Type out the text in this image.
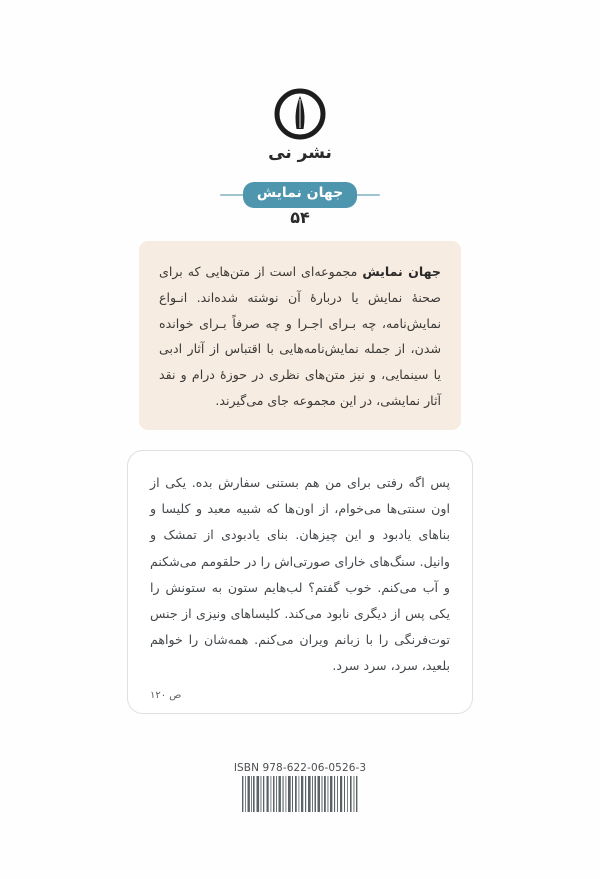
نشر نی
جهان نمایش
۵۴

جهان نمایش مجموعه‌ای است از متن‌هایی که برای صحنهٔ نمایش یا دربارهٔ آن نوشته شده‌اند. انـواع نمایش‌نامه، چه بـرای اجـرا و چه صرفاً بـرای خوانده شدن، از جمله نمایش‌نامه‌هایی با اقتباس از آثار ادبی یا سینمایی، و نیز متن‌های نظری در حوزهٔ درام و نقد آثار نمایشی، در این مجموعه جای می‌گیرند.

پس اگه رفتی برای من هم بستنی سفارش بده. یکی از اون سنتی‌ها می‌خوام، از اون‌ها که شبیه معبد و کلیسا و بناهای یادبود و این چیزهان. بنای یادبودی از تمشک و وانیل. سنگ‌های خارای صورتی‌اش را در حلقومم می‌شکنم و آب می‌کنم. خوب گفتم؟ لب‌هایم ستون به ستونش را یکی پس از دیگری نابود می‌کند. کلیساهای ونیزی از جنس توت‌فرنگی را با زبانم ویران می‌کنم. همه‌شان را خواهم بلعید، سرد، سرد سرد.

ص ۱۲۰
ISBN 978-622-06-0526-3
